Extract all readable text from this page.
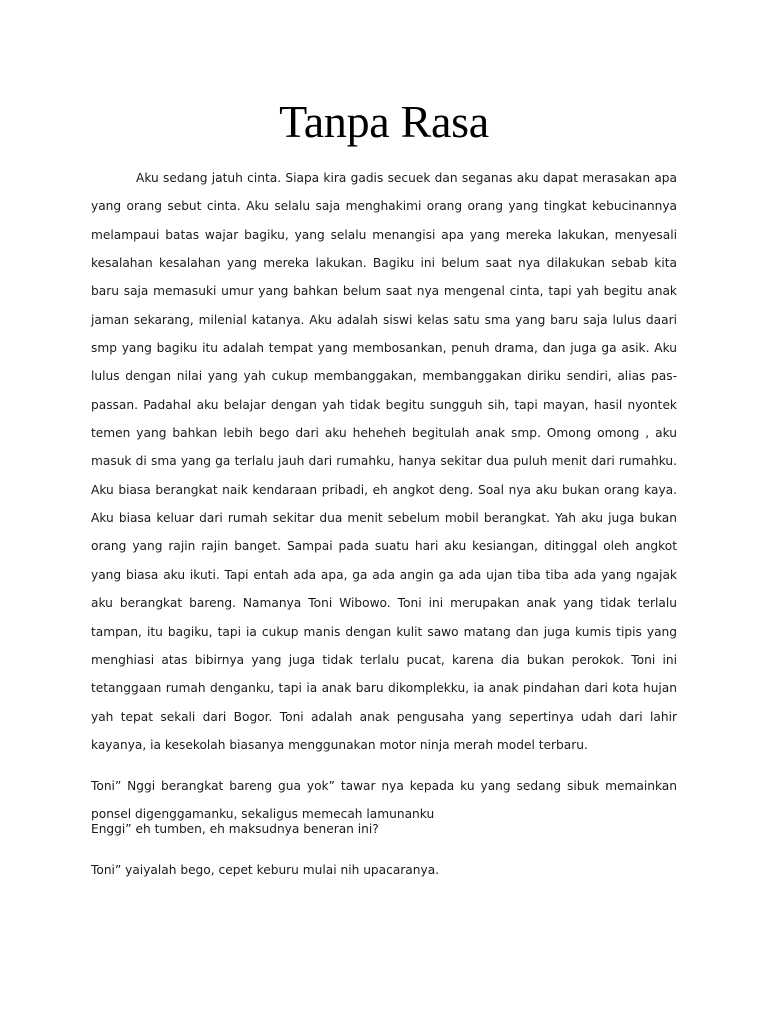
Tanpa Rasa

Aku sedang jatuh cinta. Siapa kira gadis secuek dan seganas aku dapat merasakan apa yang orang sebut cinta. Aku selalu saja menghakimi orang orang yang tingkat kebucinannya melampaui batas wajar bagiku, yang selalu menangisi apa yang mereka lakukan, menyesali kesalahan kesalahan yang mereka lakukan. Bagiku ini belum saat nya dilakukan sebab kita baru saja memasuki umur yang bahkan belum saat nya mengenal cinta, tapi yah begitu anak jaman sekarang, milenial katanya. Aku adalah siswi kelas satu sma yang baru saja lulus daari smp yang bagiku itu adalah tempat yang membosankan, penuh drama, dan juga ga asik. Aku lulus dengan nilai yang yah cukup membanggakan, membanggakan diriku sendiri, alias pas-passan. Padahal aku belajar dengan yah tidak begitu sungguh sih, tapi mayan, hasil nyontek temen yang bahkan lebih bego dari aku heheheh begitulah anak smp. Omong omong , aku masuk di sma yang ga terlalu jauh dari rumahku, hanya sekitar dua puluh menit dari rumahku. Aku biasa berangkat naik kendaraan pribadi, eh angkot deng. Soal nya aku bukan orang kaya. Aku biasa keluar dari rumah sekitar dua menit sebelum mobil berangkat. Yah aku juga bukan orang yang rajin rajin banget. Sampai pada suatu hari aku kesiangan, ditinggal oleh angkot yang biasa aku ikuti. Tapi entah ada apa, ga ada angin ga ada ujan tiba tiba ada yang ngajak aku berangkat bareng. Namanya Toni Wibowo. Toni ini merupakan anak yang tidak terlalu tampan, itu bagiku, tapi ia cukup manis dengan kulit sawo matang dan juga kumis tipis yang menghiasi atas bibirnya yang juga tidak terlalu pucat, karena dia bukan perokok. Toni ini tetanggaan rumah denganku, tapi ia anak baru dikomplekku, ia anak pindahan dari kota hujan yah tepat sekali dari Bogor. Toni adalah anak pengusaha yang sepertinya udah dari lahir kayanya, ia kesekolah biasanya menggunakan motor ninja merah model terbaru.

Toni” Nggi berangkat bareng gua yok” tawar nya kepada ku yang sedang sibuk memainkan ponsel digenggamanku, sekaligus memecah lamunanku

Enggi” eh tumben, eh maksudnya beneran ini?

Toni” yaiyalah bego, cepet keburu mulai nih upacaranya.
